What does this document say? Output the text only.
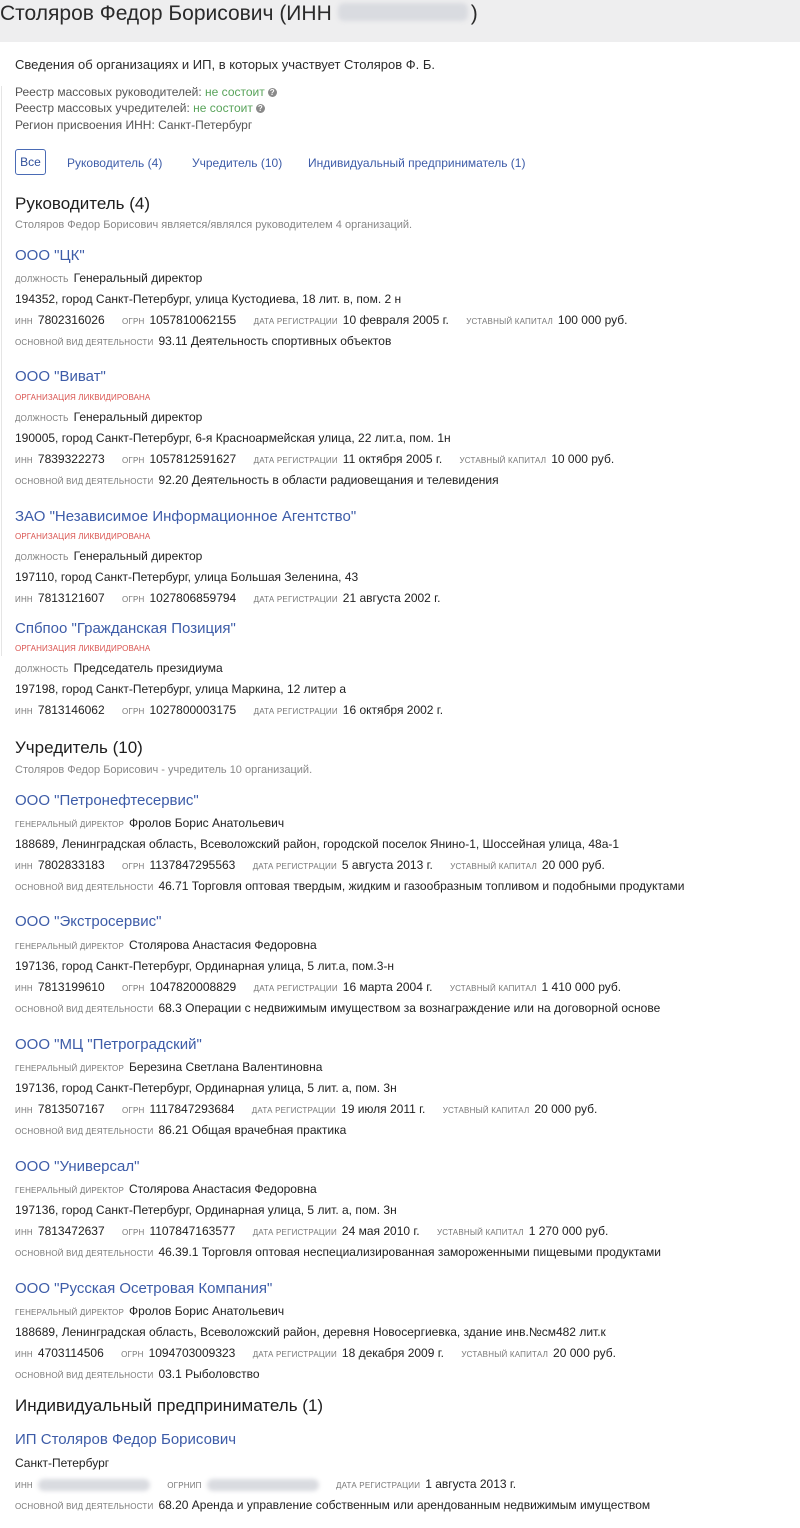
Столяров Федор Борисович (ИНН	)
Сведения об организациях и ИП, в которых участвует Столяров Ф. Б.
Реестр массовых руководителей: не состоит ?
Реестр массовых учредителей: не состоит ?
Регион присвоения ИНН: Санкт-Петербург
Все	Руководитель (4) Учредитель (10) Индивидуальный предприниматель (1)
Руководитель (4)
Столяров Федор Борисович является/являлся руководителем 4 организаций.
ООО "ЦК"
ДОЛЖНОСТЬ Генеральный директор
194352, город Санкт-Петербург, улица Кустодиева, 18 лит. в, пом. 2 н
ИНН 7802316026 ОГРН 1057810062155 ДАТА РЕГИСТРАЦИИ 10 февраля 2005 г. УСТАВНЫЙ КАПИТАЛ 100 000 руб.
ОСНОВНОЙ ВИД ДЕЯТЕЛЬНОСТИ 93.11 Деятельность спортивных объектов
ООО "Виват"
ОРГАНИЗАЦИЯ ЛИКВИДИРОВАНА
ДОЛЖНОСТЬ Генеральный директор
190005, город Санкт-Петербург, 6-я Красноармейская улица, 22 лит.а, пом. 1н
ИНН 7839322273 ОГРН 1057812591627 ДАТА РЕГИСТРАЦИИ 11 октября 2005 г. УСТАВНЫЙ КАПИТАЛ 10 000 руб.
ОСНОВНОЙ ВИД ДЕЯТЕЛЬНОСТИ 92.20 Деятельность в области радиовещания и телевидения
ЗАО "Независимое Информационное Агентство"
ОРГАНИЗАЦИЯ ЛИКВИДИРОВАНА
ДОЛЖНОСТЬ Генеральный директор
197110, город Санкт-Петербург, улица Большая Зеленина, 43
ИНН 7813121607 ОГРН 1027806859794 ДАТА РЕГИСТРАЦИИ 21 августа 2002 г.
Спбпоо "Гражданская Позиция"
ОРГАНИЗАЦИЯ ЛИКВИДИРОВАНА
ДОЛЖНОСТЬ Председатель президиума
197198, город Санкт-Петербург, улица Маркина, 12 литер а
ИНН 7813146062 ОГРН 1027800003175 ДАТА РЕГИСТРАЦИИ 16 октября 2002 г.
Учредитель (10)
Столяров Федор Борисович - учредитель 10 организаций.
ООО "Петронефтесервис"
ГЕНЕРАЛЬНЫЙ ДИРЕКТОР Фролов Борис Анатольевич
188689, Ленинградская область, Всеволожский район, городской поселок Янино-1, Шоссейная улица, 48а-1
ИНН 7802833183 ОГРН 1137847295563 ДАТА РЕГИСТРАЦИИ 5 августа 2013 г. УСТАВНЫЙ КАПИТАЛ 20 000 руб.
ОСНОВНОЙ ВИД ДЕЯТЕЛЬНОСТИ 46.71 Торговля оптовая твердым, жидким и газообразным топливом и подобными продуктами
ООО "Экстросервис"
ГЕНЕРАЛЬНЫЙ ДИРЕКТОР Столярова Анастасия Федоровна
197136, город Санкт-Петербург, Ординарная улица, 5 лит.а, пом.3-н
ИНН 7813199610 ОГРН 1047820008829 ДАТА РЕГИСТРАЦИИ 16 марта 2004 г. УСТАВНЫЙ КАПИТАЛ 1 410 000 руб.
ОСНОВНОЙ ВИД ДЕЯТЕЛЬНОСТИ 68.3 Операции с недвижимым имуществом за вознаграждение или на договорной основе
ООО "МЦ "Петроградский"
ГЕНЕРАЛЬНЫЙ ДИРЕКТОР Березина Светлана Валентиновна
197136, город Санкт-Петербург, Ординарная улица, 5 лит. а, пом. 3н
ИНН 7813507167 ОГРН 1117847293684 ДАТА РЕГИСТРАЦИИ 19 июля 2011 г. УСТАВНЫЙ КАПИТАЛ 20 000 руб.
ОСНОВНОЙ ВИД ДЕЯТЕЛЬНОСТИ 86.21 Общая врачебная практика
ООО "Универсал"
ГЕНЕРАЛЬНЫЙ ДИРЕКТОР Столярова Анастасия Федоровна
197136, город Санкт-Петербург, Ординарная улица, 5 лит. а, пом. 3н
ИНН 7813472637 ОГРН 1107847163577 ДАТА РЕГИСТРАЦИИ 24 мая 2010 г. УСТАВНЫЙ КАПИТАЛ 1 270 000 руб.
ОСНОВНОЙ ВИД ДЕЯТЕЛЬНОСТИ 46.39.1 Торговля оптовая неспециализированная замороженными пищевыми продуктами
ООО "Русская Осетровая Компания"
ГЕНЕРАЛЬНЫЙ ДИРЕКТОР Фролов Борис Анатольевич
188689, Ленинградская область, Всеволожский район, деревня Новосергиевка, здание инв.№см482 лит.к
ИНН 4703114506 ОГРН 1094703009323 ДАТА РЕГИСТРАЦИИ 18 декабря 2009 г. УСТАВНЫЙ КАПИТАЛ 20 000 руб.
ОСНОВНОЙ ВИД ДЕЯТЕЛЬНОСТИ 03.1 Рыболовство
Индивидуальный предприниматель (1)
ИП Столяров Федор Борисович
Санкт-Петербург
ИНН	ОГРНИП	ДАТА РЕГИСТРАЦИИ 1 августа 2013 г.
ОСНОВНОЙ ВИД ДЕЯТЕЛЬНОСТИ 68.20 Аренда и управление собственным или арендованным недвижимым имуществом
